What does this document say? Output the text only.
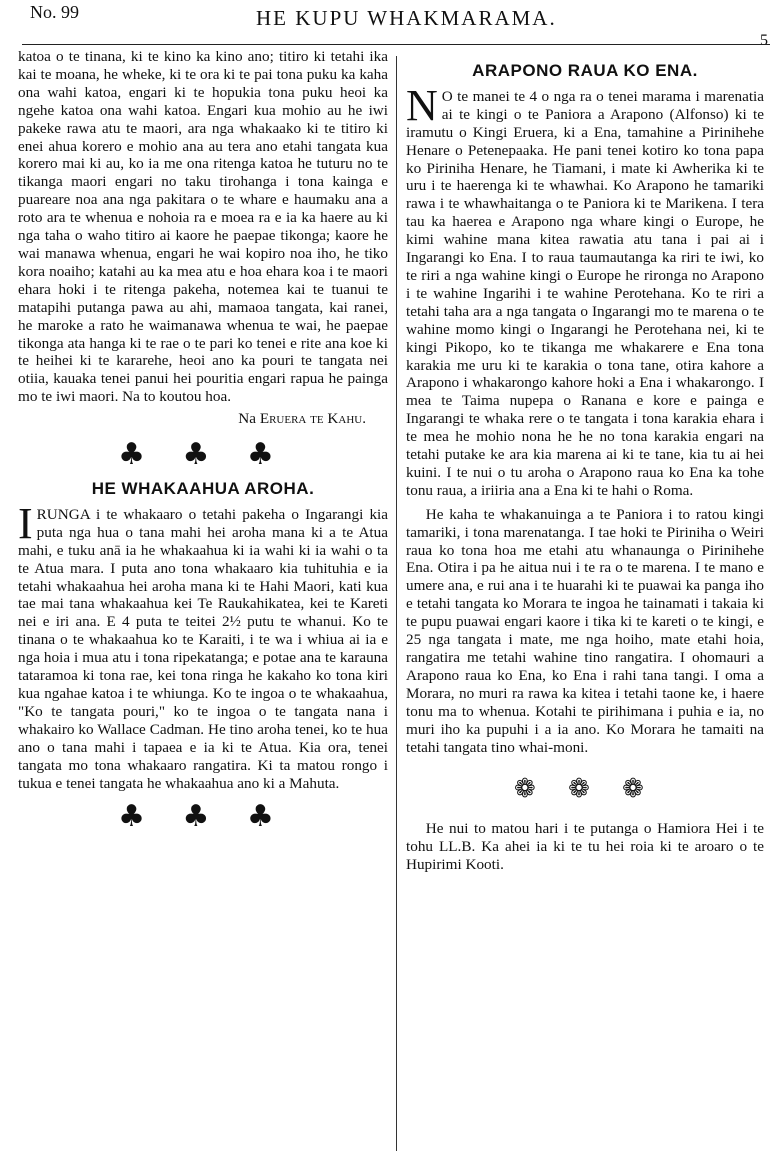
No. 99	HE KUPU WHAKMARAMA.
5

katoa o te tinana, ki te kino ka kino ano; titiro ki tetahi ika kai te moana, he wheke, ki te ora ki te pai tona puku ka kaha ona wahi katoa, engari ki te hopukia tona puku heoi ka ngehe katoa ona wahi katoa. Engari kua mohio au he iwi pakeke rawa atu te maori, ara nga whakaako ki te titiro ki enei ahua korero e mohio ana au tera ano etahi tangata kua korero mai ki au, ko ia me ona ritenga katoa he tuturu no te tikanga maori engari no taku tirohanga i tona kainga e puareare noa ana nga pakitara o te whare e haumaku ana a roto ara te whenua e nohoia ra e moea ra e ia ka haere au ki nga taha o waho titiro ai kaore he paepae tikonga; kaore he wai manawa whenua, engari he wai kopiro noa iho, he tiko kora noaiho; katahi au ka mea atu e hoa ehara koa i te maori ehara hoki i te ritenga pakeha, notemea kai te tuanui te matapihi putanga pawa au ahi, mamaoa tangata, kai ranei, he maroke a rato he waimanawa whenua te wai, he paepae tikonga ata hanga ki te rae o te pari ko tenei e rite ana koe ki te heihei ki te kararehe, heoi ano ka pouri te tangata nei otiia, kauaka tenei panui hei pouritia engari rapua he painga mo te iwi maori. Na to koutou hoa.

Na Eruera te Kahu.

♣ ♣ ♣
HE WHAKAAHUA AROHA.

IRUNGA i te whakaaro o tetahi pakeha o Ingarangi kia puta nga hua o tana mahi hei aroha mana ki a te Atua mahi, e tuku anā ia he whakaahua ki ia wahi ki ia wahi o ta te Atua mara. I puta ano tona whakaaro kia tuhituhia e ia tetahi whakaahua hei aroha mana ki te Hahi Maori, kati kua tae mai tana whakaahua kei Te Raukahikatea, kei te Kareti nei e iri ana. E 4 puta te teitei 2½ putu te whanui. Ko te tinana o te whakaahua ko te Karaiti, i te wa i whiua ai ia e nga hoia i mua atu i tona ripekatanga; e potae ana te karauna tataramoa ki tona rae, kei tona ringa he kakaho ko tona kiri kua ngahae katoa i te whiunga. Ko te ingoa o te whakaahua, "Ko te tangata pouri," ko te ingoa o te tangata nana i whakairo ko Wallace Cadman. He tino aroha tenei, ko te hua ano o tana mahi i tapaea e ia ki te Atua. Kia ora, tenei tangata mo tona whakaaro rangatira. Ki ta matou rongo i tukua e tenei tangata he whakaahua ano ki a Mahuta.

♣ ♣ ♣
ARAPONO RAUA KO ENA.

N O te manei te 4 o nga ra o tenei marama i marenatia ai te kingi o te Paniora a Arapono (Alfonso) ki te iramutu o Kingi Eruera, ki a Ena, tamahine a Pirinihehe Henare o Petenepaaka. He pani tenei kotiro ko tona papa ko Piriniha Henare, he Tiamani, i mate ki Awherika ki te uru i te haerenga ki te whawhai. Ko Arapono he tamariki rawa i te whawhaitanga o te Paniora ki te Marikena. I tera tau ka haerea e Arapono nga whare kingi o Europe, he kimi wahine mana kitea rawatia atu tana i pai ai i Ingarangi ko Ena. I to raua taumautanga ka riri te iwi, ko te riri a nga wahine kingi o Europe he rironga no Arapono i te wahine Ingarihi i te wahine Perotehana. Ko te riri a tetahi taha ara a nga tangata o Ingarangi mo te marena o te wahine momo kingi o Ingarangi he Perotehana nei, ki te kingi Pikopo, ko te tikanga me whakarere e Ena tona karakia me uru ki te karakia o tona tane, otira kahore a Arapono i whakarongo kahore hoki a Ena i whakarongo. I mea te Taima nupepa o Ranana e kore e painga e Ingarangi te whaka rere o te tangata i tona karakia ehara i te mea he mohio nona he he no tona karakia engari na tetahi putake ke ara kia marena ai ki te tane, kia tu ai hei kuini. I te nui o tu aroha o Arapono raua ko Ena ka tohe tonu raua, a iriiria ana a Ena ki te hahi o Roma.

He kaha te whakanuinga a te Paniora i to ratou kingi tamariki, i tona marenatanga. I tae hoki te Piriniha o Weiri raua ko tona hoa me etahi atu whanaunga o Pirinihehe Ena. Otira i pa he aitua nui i te ra o te marena. I te mano e umere ana, e rui ana i te huarahi ki te puawai ka panga iho e tetahi tangata ko Morara te ingoa he tainamati i takaia ki te pupu puawai engari kaore i tika ki te kareti o te kingi, e 25 nga tangata i mate, me nga hoiho, mate etahi hoia, rangatira me tetahi wahine tino rangatira. I ohomauri a Arapono raua ko Ena, ko Ena i rahi tana tangi. I oma a Morara, no muri ra rawa ka kitea i tetahi taone ke, i haere tonu ma to whenua. Kotahi te pirihimana i puhia e ia, no muri iho ka pupuhi i a ia ano. Ko Morara he tamaiti na tetahi tangata tino whai-moni.

❁ ❁ ❁

He nui to matou hari i te putanga o Hamiora Hei i te tohu LL.B. Ka ahei ia ki te tu hei roia ki te aroaro o te Hupirimi Kooti.
